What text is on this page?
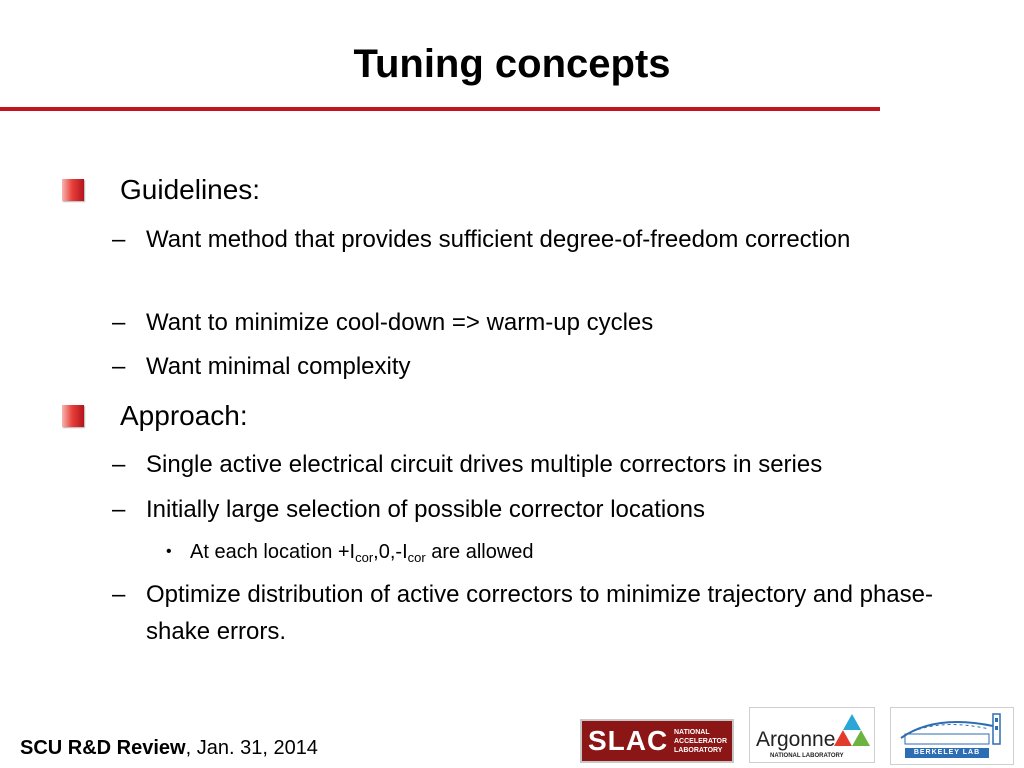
Tuning concepts
Guidelines:
– Want method that provides sufficient degree-of-freedom correction
– Want to minimize cool-down => warm-up cycles
– Want minimal complexity
Approach:
– Single active electrical circuit drives multiple correctors in series
– Initially large selection of possible corrector locations
• At each location $+I_{cor},0,-I_{cor}$ are allowed
– Optimize distribution of active correctors to minimize trajectory and phase-shake errors.
SCU R&D Review, Jan. 31, 2014	SLAC NATIONAL
ACCELERATOR
LABORATORY	Argonne
NATIONAL LABORATORY	BERKELEY LAB
